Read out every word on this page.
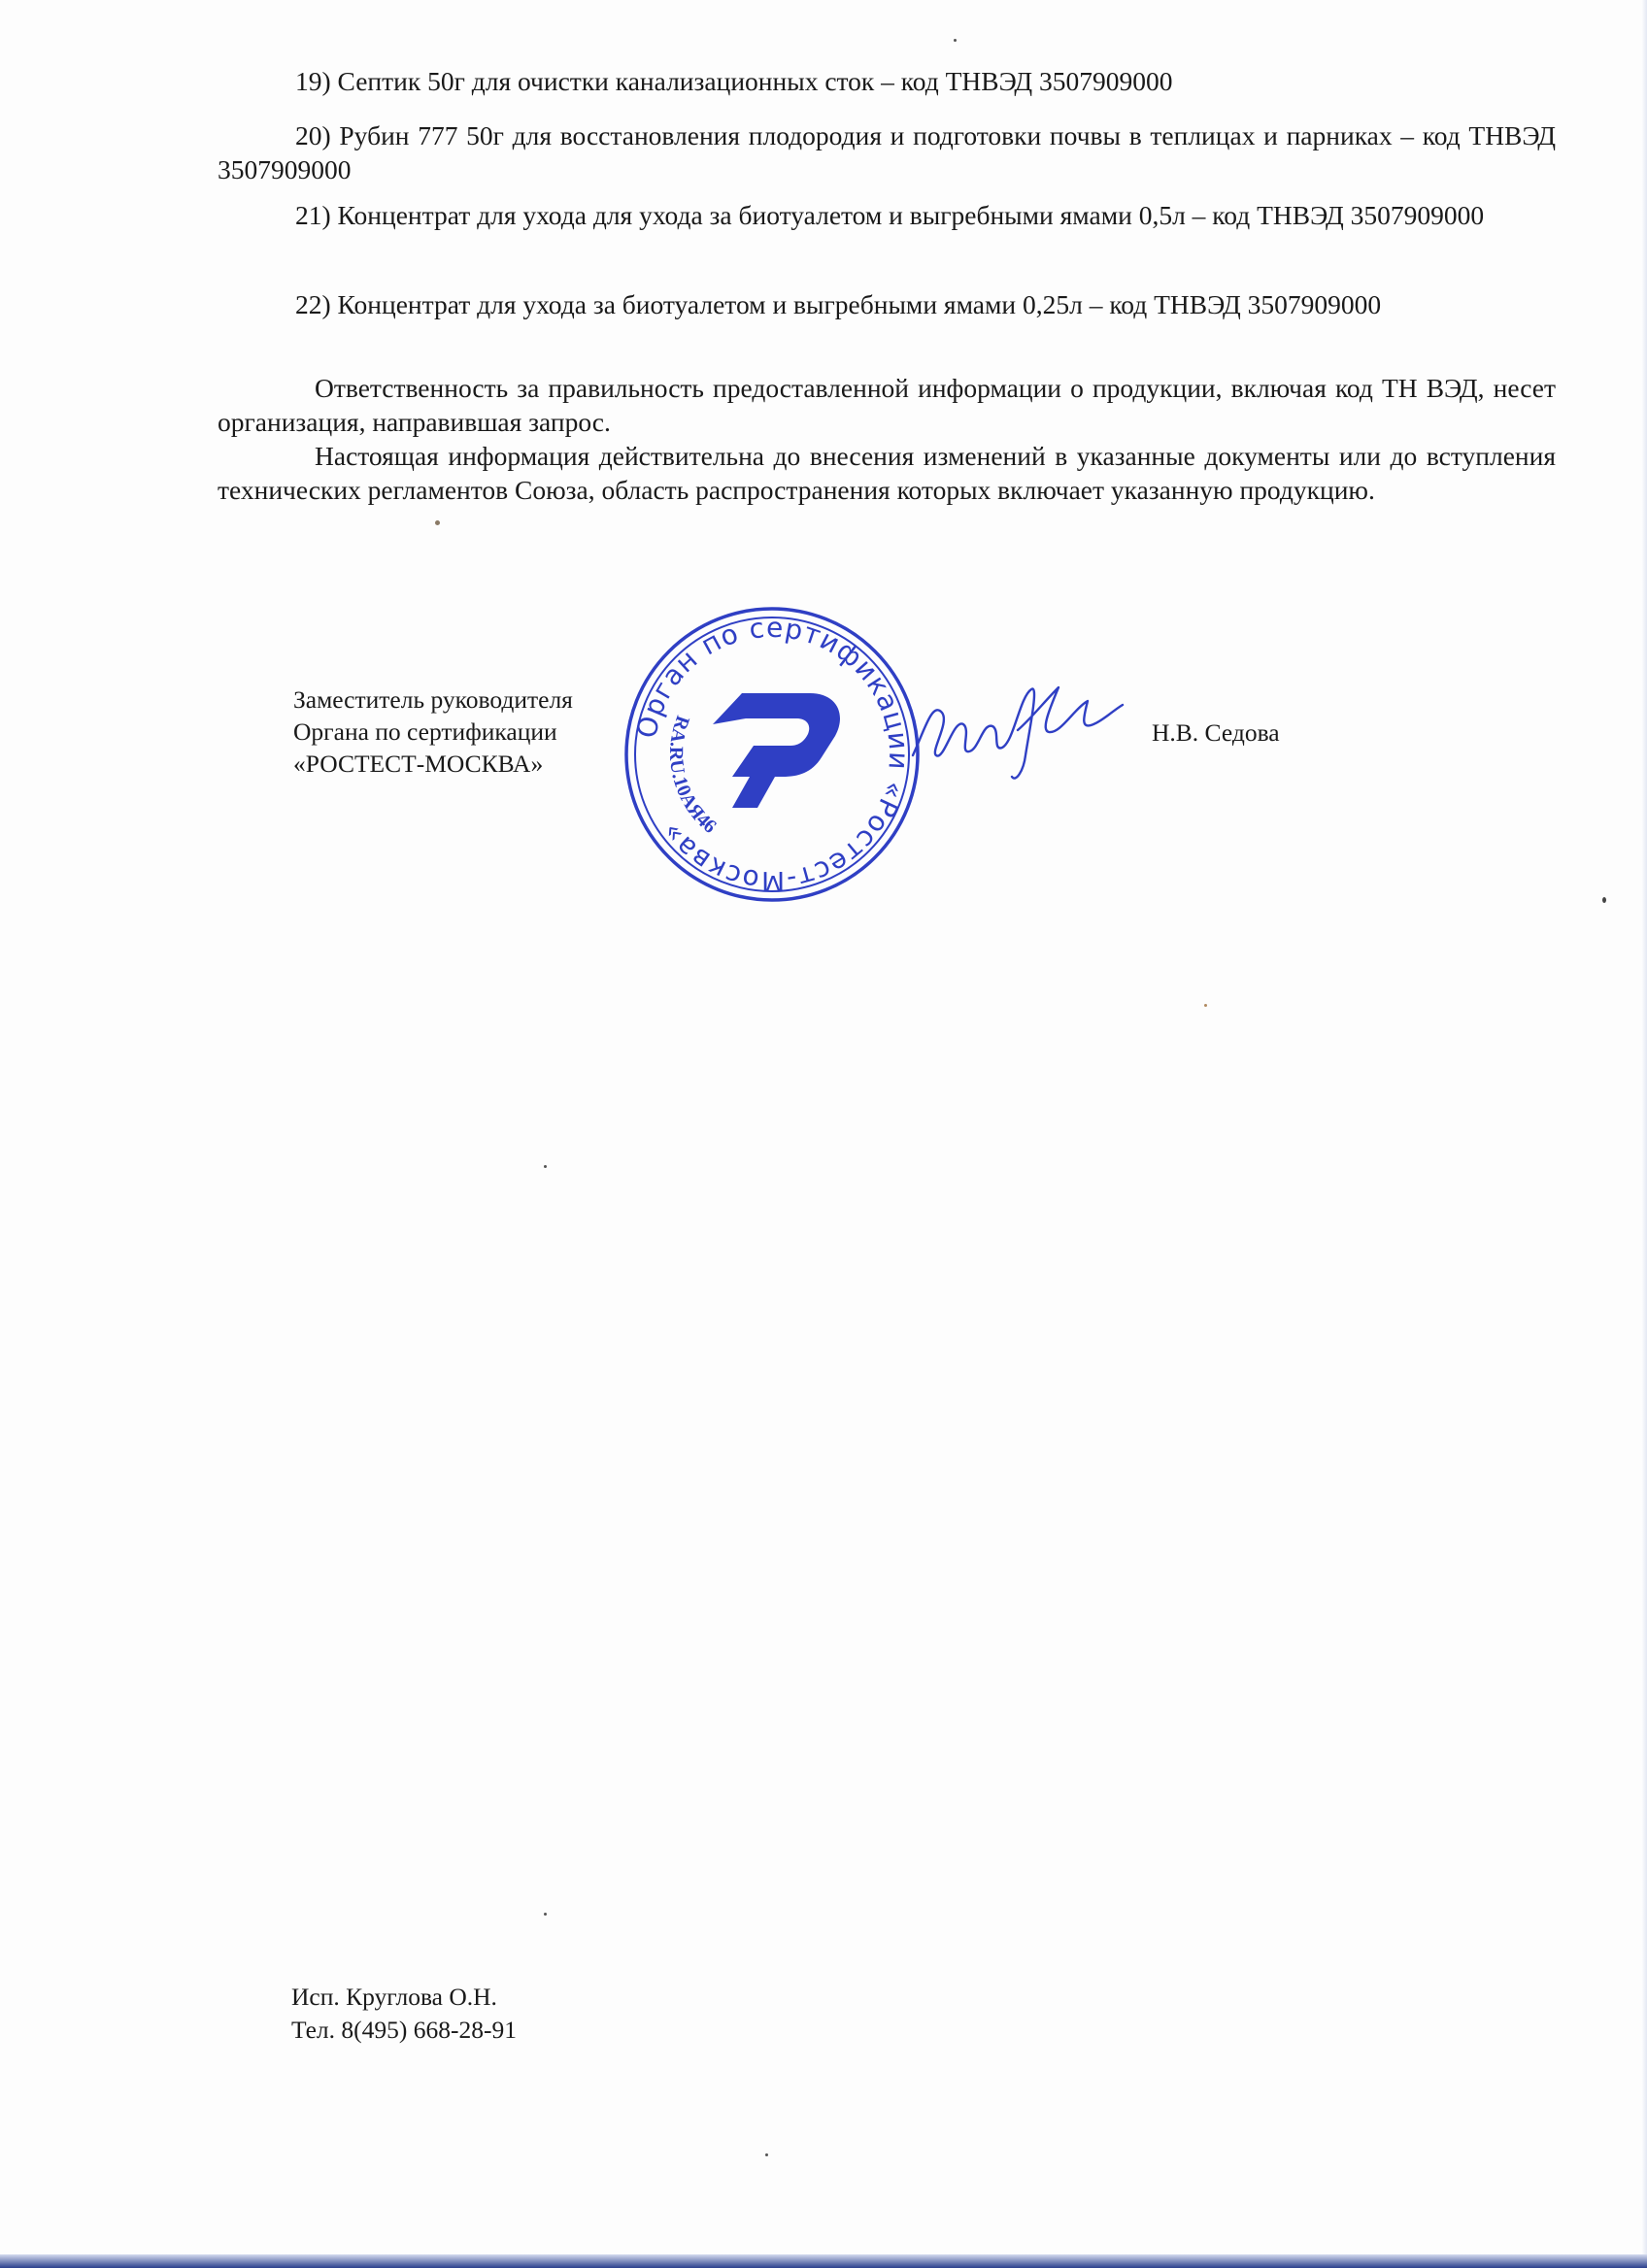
19) Септик 50г для очистки канализационных сток – код ТНВЭД 3507909000
20) Рубин 777 50г для восстановления плодородия и подготовки почвы в теплицах и парниках – код ТНВЭД 3507909000
21) Концентрат для ухода для ухода за биотуалетом и выгребными ямами 0,5л – код ТНВЭД 3507909000
22) Концентрат для ухода за биотуалетом и выгребными ямами 0,25л – код ТНВЭД 3507909000
Ответственность за правильность предоставленной информации о продукции, включая код ТН ВЭД, несет организация, направившая запрос.
Настоящая информация действительна до внесения изменений в указанные документы или до вступления технических регламентов Союза, область распространения которых включает указанную продукцию.
Заместитель руководителя
Органа по сертификации
«РОСТЕСТ-МОСКВА»
Орган по сертификации «Ростест-Москва»
RA.RU.10АЯ46
Н.В. Седова
Исп. Круглова О.Н.
Тел. 8(495) 668-28-91
